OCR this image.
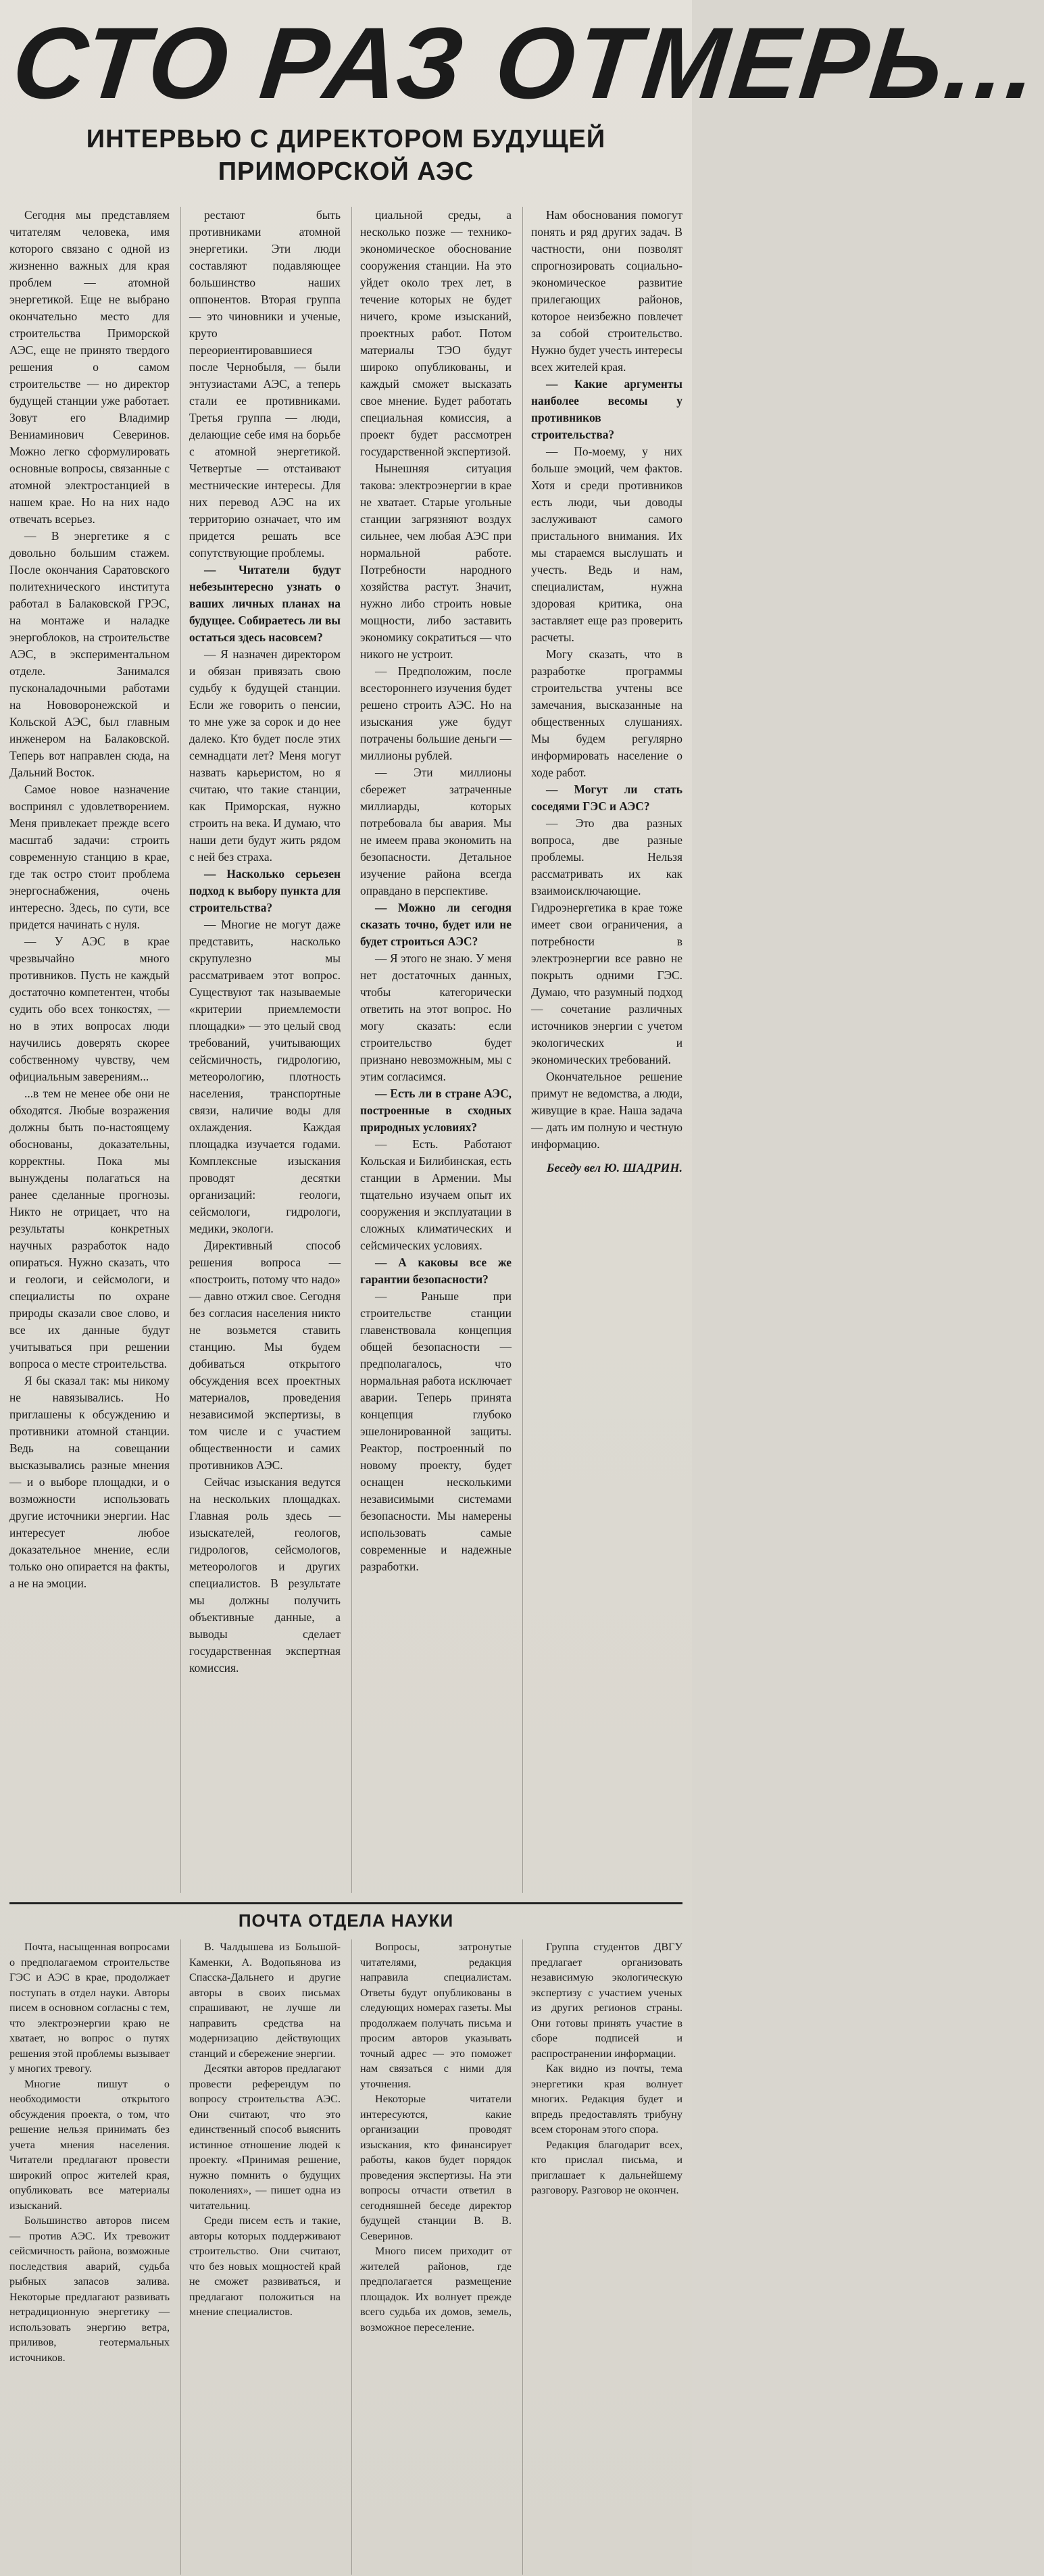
СТО РАЗ ОТМЕРЬ...
ИНТЕРВЬЮ С ДИРЕКТОРОМ БУДУЩЕЙ ПРИМОРСКОЙ АЭС

Сегодня мы представляем читателям человека, имя которого связано с одной из жизненно важных для края проблем — атомной энергетикой. Еще не выбрано окончательно место для строительства Приморской АЭС, еще не принято твердого решения о самом строительстве — но директор будущей станции уже работает. Зовут его Владимир Вениаминович Северинов. Можно легко сформулировать основные вопросы, связанные с атомной электростанцией в нашем крае. Но на них надо отвечать всерьез.

— В энергетике я с довольно большим стажем. После окончания Саратовского политехнического института работал в Балаковской ГРЭС, на монтаже и наладке энергоблоков, на строительстве АЭС, в экспериментальном отделе. Занимался пусконаладочными работами на Нововоронежской и Кольской АЭС, был главным инженером на Балаковской. Теперь вот направлен сюда, на Дальний Восток.

Самое новое назначение воспринял с удовлетворением. Меня привлекает прежде всего масштаб задачи: строить современную станцию в крае, где так остро стоит проблема энергоснабжения, очень интересно. Здесь, по сути, все придется начинать с нуля.

— У АЭС в крае чрезвычайно много противников. Пусть не каждый достаточно компетентен, чтобы судить обо всех тонкостях, — но в этих вопросах люди научились доверять скорее собственному чувству, чем официальным заверениям...

...в тем не менее обе они не обходятся. Любые возражения должны быть по-настоящему обоснованы, доказательны, корректны. Пока мы вынуждены полагаться на ранее сделанные прогнозы. Никто не отрицает, что на результаты конкретных научных разработок надо опираться. Нужно сказать, что и геологи, и сейсмологи, и специалисты по охране природы сказали свое слово, и все их данные будут учитываться при решении вопроса о месте строительства.

Я бы сказал так: мы никому не навязывались. Но приглашены к обсуждению и противники атомной станции. Ведь на совещании высказывались разные мнения — и о выборе площадки, и о возможности использовать другие источники энергии. Нас интересует любое доказательное мнение, если только оно опирается на факты, а не на эмоции.

рестают быть противниками атомной энергетики. Эти люди составляют подавляющее большинство наших оппонентов. Вторая группа — это чиновники и ученые, круто переориентировавшиеся после Чернобыля, — были энтузиастами АЭС, а теперь стали ее противниками. Третья группа — люди, делающие себе имя на борьбе с атомной энергетикой. Четвертые — отстаивают местнические интересы. Для них перевод АЭС на их территорию означает, что им придется решать все сопутствующие проблемы.

— Читатели будут небезынтересно узнать о ваших личных планах на будущее. Собираетесь ли вы остаться здесь насовсем?

— Я назначен директором и обязан привязать свою судьбу к будущей станции. Если же говорить о пенсии, то мне уже за сорок и до нее далеко. Кто будет после этих семнадцати лет? Меня могут назвать карьеристом, но я считаю, что такие станции, как Приморская, нужно строить на века. И думаю, что наши дети будут жить рядом с ней без страха.

— Насколько серьезен подход к выбору пункта для строительства?

— Многие не могут даже представить, насколько скрупулезно мы рассматриваем этот вопрос. Существуют так называемые «критерии приемлемости площадки» — это целый свод требований, учитывающих сейсмичность, гидрологию, метеорологию, плотность населения, транспортные связи, наличие воды для охлаждения. Каждая площадка изучается годами. Комплексные изыскания проводят десятки организаций: геологи, сейсмологи, гидрологи, медики, экологи.

Директивный способ решения вопроса — «построить, потому что надо» — давно отжил свое. Сегодня без согласия населения никто не возьмется ставить станцию. Мы будем добиваться открытого обсуждения всех проектных материалов, проведения независимой экспертизы, в том числе и с участием общественности и самих противников АЭС.

Сейчас изыскания ведутся на нескольких площадках. Главная роль здесь — изыскателей, геологов, гидрологов, сейсмологов, метеорологов и других специалистов. В результате мы должны получить объективные данные, а выводы сделает государственная экспертная комиссия.

циальной среды, а несколько позже — технико-экономическое обоснование сооружения станции. На это уйдет около трех лет, в течение которых не будет ничего, кроме изысканий, проектных работ. Потом материалы ТЭО будут широко опубликованы, и каждый сможет высказать свое мнение. Будет работать специальная комиссия, а проект будет рассмотрен государственной экспертизой.

Нынешняя ситуация такова: электроэнергии в крае не хватает. Старые угольные станции загрязняют воздух сильнее, чем любая АЭС при нормальной работе. Потребности народного хозяйства растут. Значит, нужно либо строить новые мощности, либо заставить экономику сократиться — что никого не устроит.

— Предположим, после всестороннего изучения будет решено строить АЭС. Но на изыскания уже будут потрачены большие деньги — миллионы рублей.

— Эти миллионы сбережет затраченные миллиарды, которых потребовала бы авария. Мы не имеем права экономить на безопасности. Детальное изучение района всегда оправдано в перспективе.

— Можно ли сегодня сказать точно, будет или не будет строиться АЭС?

— Я этого не знаю. У меня нет достаточных данных, чтобы категорически ответить на этот вопрос. Но могу сказать: если строительство будет признано невозможным, мы с этим согласимся.

— Есть ли в стране АЭС, построенные в сходных природных условиях?

— Есть. Работают Кольская и Билибинская, есть станции в Армении. Мы тщательно изучаем опыт их сооружения и эксплуатации в сложных климатических и сейсмических условиях.

— А каковы все же гарантии безопасности?

— Раньше при строительстве станции главенствовала концепция общей безопасности — предполагалось, что нормальная работа исключает аварии. Теперь принята концепция глубоко эшелонированной защиты. Реактор, построенный по новому проекту, будет оснащен несколькими независимыми системами безопасности. Мы намерены использовать самые современные и надежные разработки.

Нам обоснования помогут понять и ряд других задач. В частности, они позволят спрогнозировать социально-экономическое развитие прилегающих районов, которое неизбежно повлечет за собой строительство. Нужно будет учесть интересы всех жителей края.

— Какие аргументы наиболее весомы у противников строительства?

— По-моему, у них больше эмоций, чем фактов. Хотя и среди противников есть люди, чьи доводы заслуживают самого пристального внимания. Их мы стараемся выслушать и учесть. Ведь и нам, специалистам, нужна здоровая критика, она заставляет еще раз проверить расчеты.

Могу сказать, что в разработке программы строительства учтены все замечания, высказанные на общественных слушаниях. Мы будем регулярно информировать население о ходе работ.

— Могут ли стать соседями ГЭС и АЭС?

— Это два разных вопроса, две разные проблемы. Нельзя рассматривать их как взаимоисключающие. Гидроэнергетика в крае тоже имеет свои ограничения, а потребности в электроэнергии все равно не покрыть одними ГЭС. Думаю, что разумный подход — сочетание различных источников энергии с учетом экологических и экономических требований.

Окончательное решение примут не ведомства, а люди, живущие в крае. Наша задача — дать им полную и честную информацию.

Беседу вел Ю. ШАДРИН.

ПОЧТА ОТДЕЛА НАУКИ

Почта, насыщенная вопросами о предполагаемом строительстве ГЭС и АЭС в крае, продолжает поступать в отдел науки. Авторы писем в основном согласны с тем, что электроэнергии краю не хватает, но вопрос о путях решения этой проблемы вызывает у многих тревогу.

Многие пишут о необходимости открытого обсуждения проекта, о том, что решение нельзя принимать без учета мнения населения. Читатели предлагают провести широкий опрос жителей края, опубликовать все материалы изысканий.

Большинство авторов писем — против АЭС. Их тревожит сейсмичность района, возможные последствия аварий, судьба рыбных запасов залива. Некоторые предлагают развивать нетрадиционную энергетику — использовать энергию ветра, приливов, геотермальных источников.

В. Чалдышева из Большой-Каменки, А. Водопьянова из Спасска-Дальнего и другие авторы в своих письмах спрашивают, не лучше ли направить средства на модернизацию действующих станций и сбережение энергии.

Десятки авторов предлагают провести референдум по вопросу строительства АЭС. Они считают, что это единственный способ выяснить истинное отношение людей к проекту. «Принимая решение, нужно помнить о будущих поколениях», — пишет одна из читательниц.

Среди писем есть и такие, авторы которых поддерживают строительство. Они считают, что без новых мощностей край не сможет развиваться, и предлагают положиться на мнение специалистов.

Вопросы, затронутые читателями, редакция направила специалистам. Ответы будут опубликованы в следующих номерах газеты. Мы продолжаем получать письма и просим авторов указывать точный адрес — это поможет нам связаться с ними для уточнения.

Некоторые читатели интересуются, какие организации проводят изыскания, кто финансирует работы, каков будет порядок проведения экспертизы. На эти вопросы отчасти ответил в сегодняшней беседе директор будущей станции В. В. Северинов.

Много писем приходит от жителей районов, где предполагается размещение площадок. Их волнует прежде всего судьба их домов, земель, возможное переселение.

Группа студентов ДВГУ предлагает организовать независимую экологическую экспертизу с участием ученых из других регионов страны. Они готовы принять участие в сборе подписей и распространении информации.

Как видно из почты, тема энергетики края волнует многих. Редакция будет и впредь предоставлять трибуну всем сторонам этого спора.

Редакция благодарит всех, кто прислал письма, и приглашает к дальнейшему разговору. Разговор не окончен.
